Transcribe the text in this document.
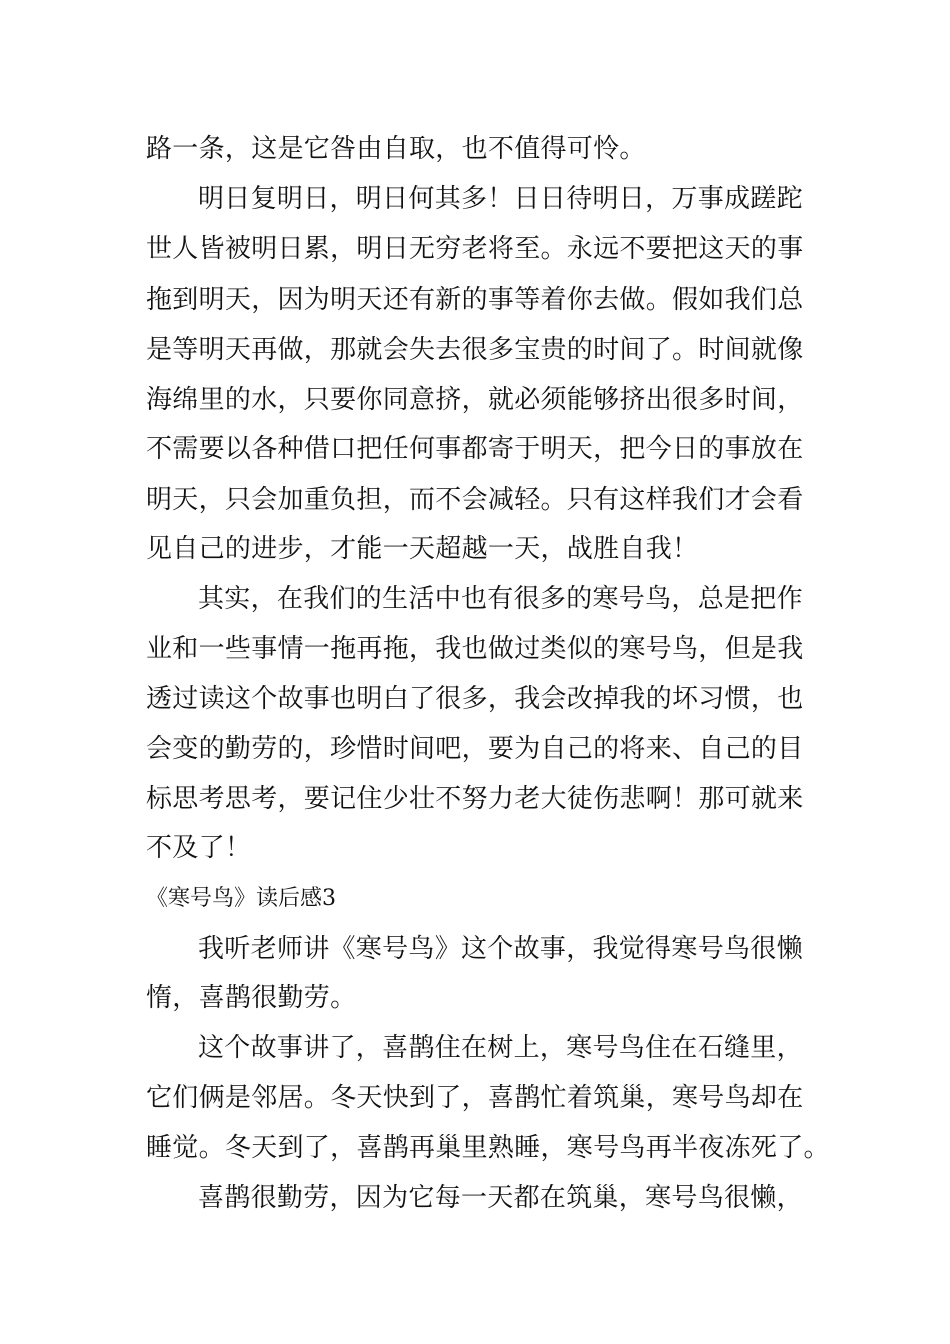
路一条，这是它咎由自取，也不值得可怜。
明日复明日，明日何其多！日日待明日，万事成蹉跎
世人皆被明日累，明日无穷老将至。永远不要把这天的事
拖到明天，因为明天还有新的事等着你去做。假如我们总
是等明天再做，那就会失去很多宝贵的时间了。时间就像
海绵里的水，只要你同意挤，就必须能够挤出很多时间，
不需要以各种借口把任何事都寄于明天，把今日的事放在
明天，只会加重负担，而不会减轻。只有这样我们才会看
见自己的进步，才能一天超越一天，战胜自我！
其实，在我们的生活中也有很多的寒号鸟，总是把作
业和一些事情一拖再拖，我也做过类似的寒号鸟，但是我
透过读这个故事也明白了很多，我会改掉我的坏习惯，也
会变的勤劳的，珍惜时间吧，要为自己的将来、自己的目
标思考思考，要记住少壮不努力老大徒伤悲啊！那可就来
不及了！
《寒号鸟》读后感3
我听老师讲《寒号鸟》这个故事，我觉得寒号鸟很懒
惰，喜鹊很勤劳。
这个故事讲了，喜鹊住在树上，寒号鸟住在石缝里，
它们俩是邻居。冬天快到了，喜鹊忙着筑巢，寒号鸟却在
睡觉。冬天到了，喜鹊再巢里熟睡，寒号鸟再半夜冻死了。
喜鹊很勤劳，因为它每一天都在筑巢，寒号鸟很懒，
